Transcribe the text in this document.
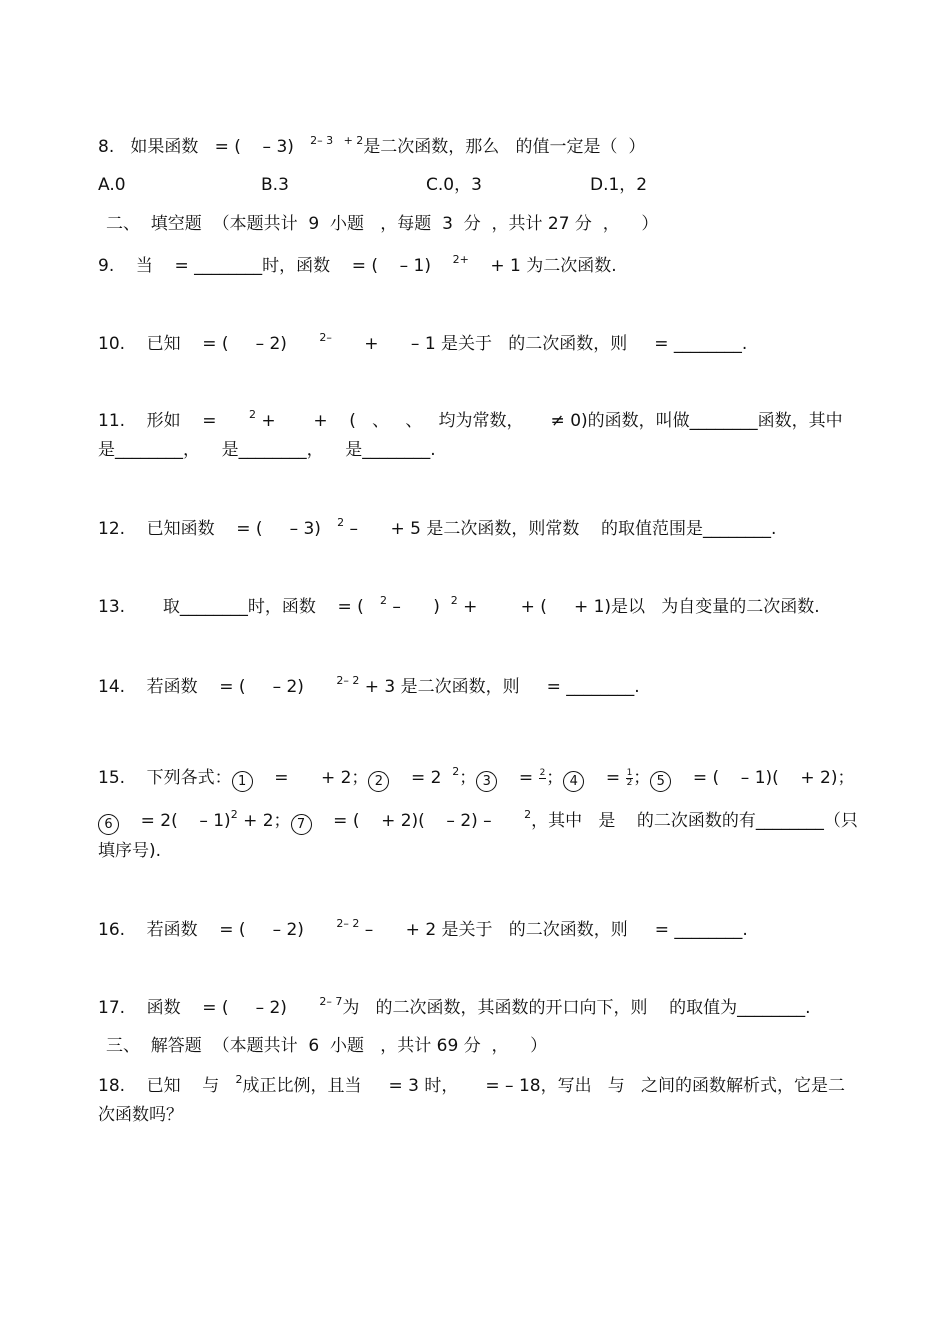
8.   如果函数   = (    – 3)   $^{2- 3 + 2}$是二次函数，那么   的值一定是（  ）
A.0	B.3	C.0，3	D.1，2
二、  填空题  （本题共计  9  小题   ，每题  3  分  ，共计 27 分  ，    ）
9.    当    = ________时，函数    = (    – 1)    $^{2+}$    + 1 为二次函数.
10.    已知    = (     – 2)      $^{2-}$      +      – 1 是关于   的二次函数，则     = ________.
11.    形如    =      $^2$ +       +    (   、   、   均为常数，     ≠ 0)的函数，叫做________函数，其中
是________，    是________，    是________.
12.    已知函数    = (     – 3)   $^2$ –      + 5 是二次函数，则常数    的取值范围是________.
13.       取________时，函数    = (   $^2$ –      )  $^2$ +        + (     + 1)是以   为自变量的二次函数.
14.    若函数    = (     – 2)      $^{2- 2}$ + 3 是二次函数，则     = ________.
15.    下列各式： 1    =      + 2； 2    = 2  $^2$； 3    = 2
； 4    = $\frac{1}{2}$ ； 5    = (    – 1)(    + 2)；
6    = 2(    – 1)$^2$ + 2； 7    = (    + 2)(    – 2) –      $^2$，其中   是    的二次函数的有________（只
填序号).
16.    若函数    = (     – 2)      $^{2- 2}$ –      + 2 是关于   的二次函数，则     = ________.
17.    函数    = (     – 2)      $^{2- 7}$为   的二次函数，其函数的开口向下，则    的取值为________.
三、  解答题  （本题共计  6  小题   ，共计 69 分  ，    ）
18.    已知    与   $^2$成正比例，且当     = 3 时，     = – 18，写出   与   之间的函数解析式，它是二
次函数吗？
